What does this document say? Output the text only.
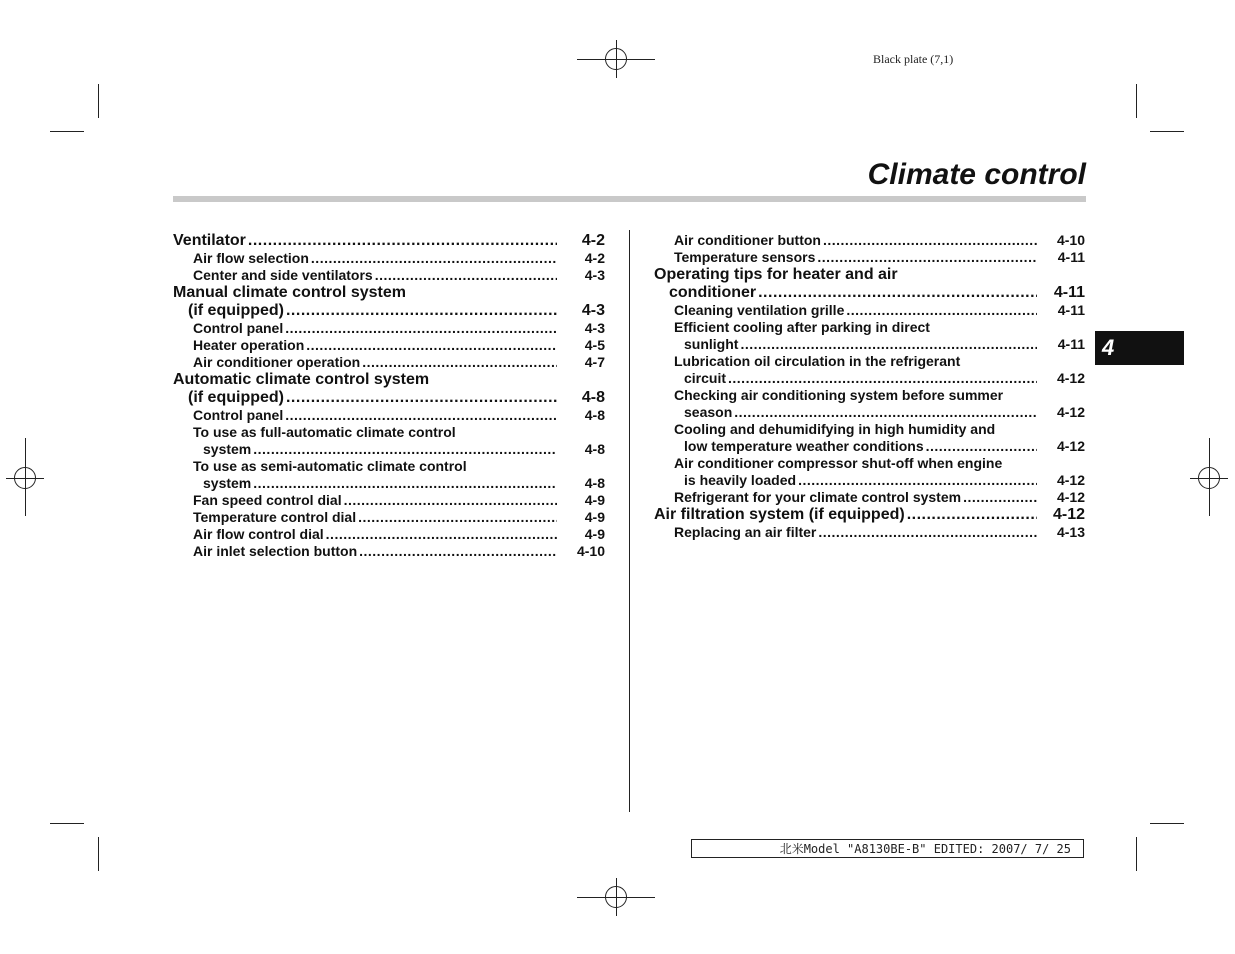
Black plate (7,1)
Climate control
Ventilator .....	4-2
Air flow selection .....	4-2
Center and side ventilators .....	4-3
Manual climate control system
(if equipped) .....	4-3
Control panel .....	4-3
Heater operation .....	4-5
Air conditioner operation .....	4-7
Automatic climate control system
(if equipped) .....	4-8
Control panel .....	4-8
To use as full-automatic climate control
system .....	4-8
To use as semi-automatic climate control
system .....	4-8
Fan speed control dial .....	4-9
Temperature control dial .....	4-9
Air flow control dial .....	4-9
Air inlet selection button .....	4-10
Air conditioner button .....	4-10
Temperature sensors .....	4-11
Operating tips for heater and air
conditioner .....	4-11
Cleaning ventilation grille .....	4-11
Efficient cooling after parking in direct
sunlight .....	4-11
Lubrication oil circulation in the refrigerant
circuit .....	4-12
Checking air conditioning system before summer
season .....	4-12
Cooling and dehumidifying in high humidity and
low temperature weather conditions .....	4-12
Air conditioner compressor shut-off when engine
is heavily loaded .....	4-12
Refrigerant for your climate control system .....	4-12
Air filtration system (if equipped) .....	4-12
Replacing an air filter .....	4-13
4
北米Model "A8130BE-B" EDITED: 2007/ 7/ 25
